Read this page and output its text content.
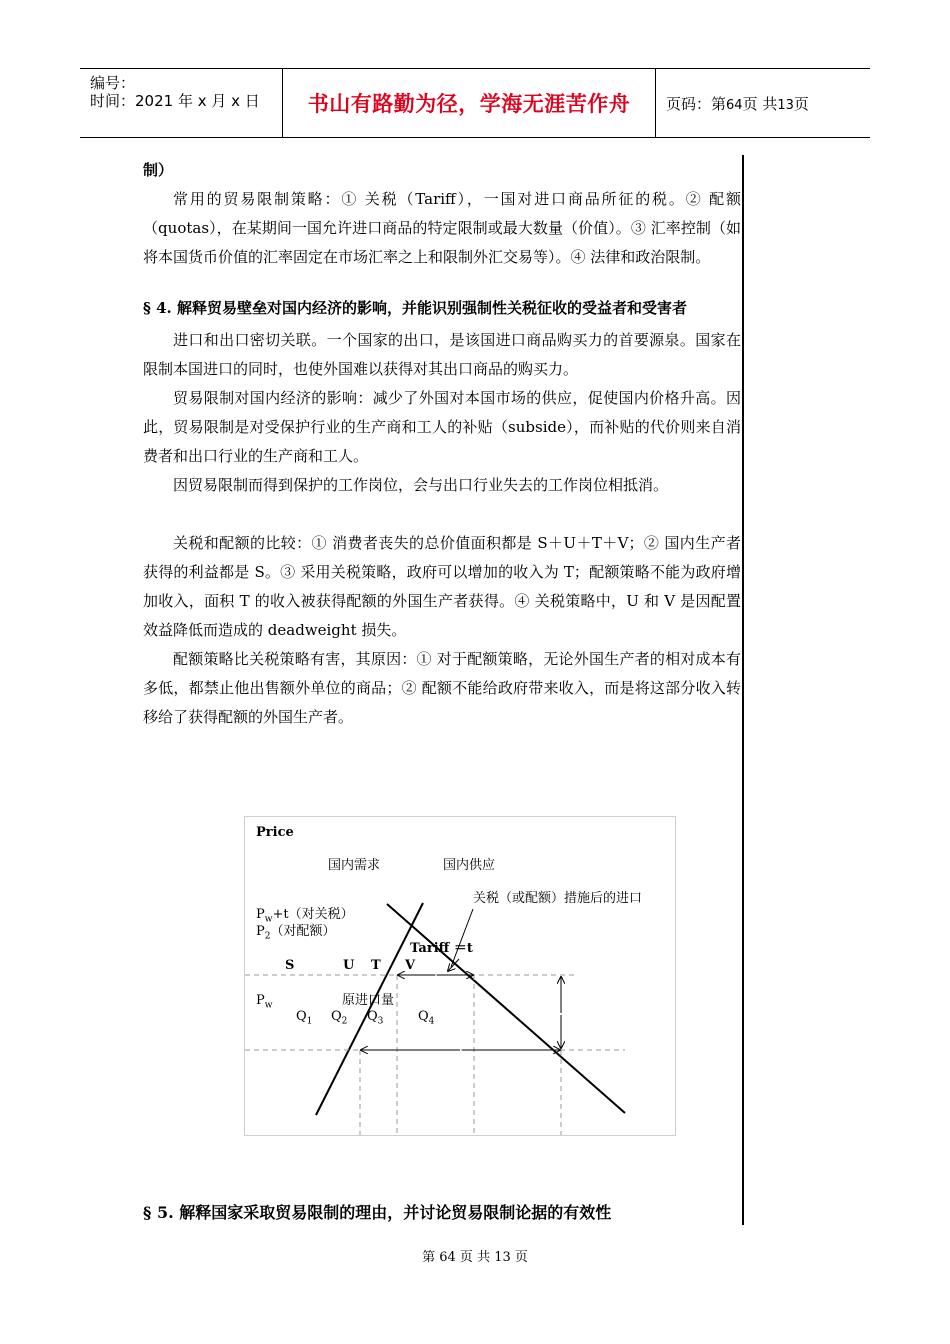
编号：
时间：2021 年 x 月 x 日 书山有路勤为径，学海无涯苦作舟 页码：第64页 共13页

制）

常用的贸易限制策略：① 关税（Tariff），一国对进口商品所征的税。② 配额（quotas），在某期间一国允许进口商品的特定限制或最大数量（价值）。③ 汇率控制（如将本国货币价值的汇率固定在市场汇率之上和限制外汇交易等）。④ 法律和政治限制。

§ 4. 解释贸易壁垒对国内经济的影响，并能识别强制性关税征收的受益者和受害者

进口和出口密切关联。一个国家的出口，是该国进口商品购买力的首要源泉。国家在限制本国进口的同时，也使外国难以获得对其出口商品的购买力。

贸易限制对国内经济的影响：减少了外国对本国市场的供应，促使国内价格升高。因此，贸易限制是对受保护行业的生产商和工人的补贴（subside），而补贴的代价则来自消费者和出口行业的生产商和工人。

因贸易限制而得到保护的工作岗位，会与出口行业失去的工作岗位相抵消。

关税和配额的比较：① 消费者丧失的总价值面积都是 S＋U＋T＋V；② 国内生产者获得的利益都是 S。③ 采用关税策略，政府可以增加的收入为 T；配额策略不能为政府增加收入，面积 T 的收入被获得配额的外国生产者获得。④ 关税策略中，U 和 V 是因配置效益降低而造成的 deadweight 损失。

配额策略比关税策略有害，其原因：① 对于配额策略，无论外国生产者的相对成本有多低，都禁止他出售额外单位的商品；② 配额不能给政府带来收入，而是将这部分收入转移给了获得配额的外国生产者。

Price
国内需求	国内供应
关税（或配额）措施后的进口
$P_w+t$（对关税）
$P_2$（对配额）
Tariff ＝t
S	U T V
$P_w$	原进口量
$Q_1$ $Q_2$ $Q_3$	$Q_4$

§ 5. 解释国家采取贸易限制的理由，并讨论贸易限制论据的有效性

第 64 页 共 13 页
